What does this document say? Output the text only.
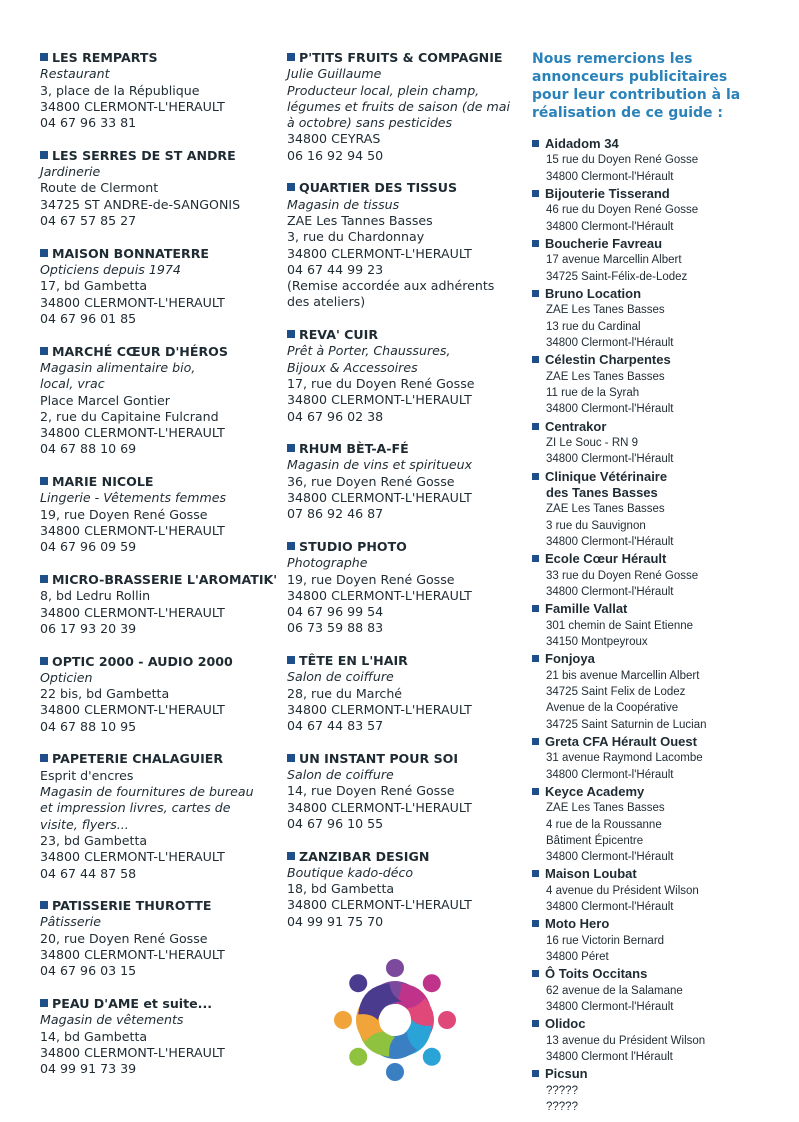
LES REMPARTS
Restaurant
3, place de la République
34800 CLERMONT-L'HERAULT
04 67 96 33 81
LES SERRES DE ST ANDRE
Jardinerie
Route de Clermont
34725 ST ANDRE-de-SANGONIS
04 67 57 85 27
MAISON BONNATERRE
Opticiens depuis 1974
17, bd Gambetta
34800 CLERMONT-L'HERAULT
04 67 96 01 85
MARCHÉ CŒUR D'HÉROS
Magasin alimentaire bio,
local, vrac
Place Marcel Gontier
2, rue du Capitaine Fulcrand
34800 CLERMONT-L'HERAULT
04 67 88 10 69
MARIE NICOLE
Lingerie - Vêtements femmes
19, rue Doyen René Gosse
34800 CLERMONT-L'HERAULT
04 67 96 09 59
MICRO-BRASSERIE L'AROMATIK'
8, bd Ledru Rollin
34800 CLERMONT-L'HERAULT
06 17 93 20 39
OPTIC 2000 - AUDIO 2000
Opticien
22 bis, bd Gambetta
34800 CLERMONT-L'HERAULT
04 67 88 10 95
PAPETERIE CHALAGUIER
Esprit d'encres
Magasin de fournitures de bureau
et impression livres, cartes de
visite, flyers...
23, bd Gambetta
34800 CLERMONT-L'HERAULT
04 67 44 87 58
PATISSERIE THUROTTE
Pâtisserie
20, rue Doyen René Gosse
34800 CLERMONT-L'HERAULT
04 67 96 03 15
PEAU D'AME et suite...
Magasin de vêtements
14, bd Gambetta
34800 CLERMONT-L'HERAULT
04 99 91 73 39
P'TITS FRUITS & COMPAGNIE
Julie Guillaume
Producteur local, plein champ,
légumes et fruits de saison (de mai
à octobre) sans pesticides
34800 CEYRAS
06 16 92 94 50
QUARTIER DES TISSUS
Magasin de tissus
ZAE Les Tannes Basses
3, rue du Chardonnay
34800 CLERMONT-L'HERAULT
04 67 44 99 23
(Remise accordée aux adhérents
des ateliers)
REVA' CUIR
Prêt à Porter, Chaussures,
Bijoux & Accessoires
17, rue du Doyen René Gosse
34800 CLERMONT-L'HERAULT
04 67 96 02 38
RHUM BÈT-A-FÉ
Magasin de vins et spiritueux
36, rue Doyen René Gosse
34800 CLERMONT-L'HERAULT
07 86 92 46 87
STUDIO PHOTO
Photographe
19, rue Doyen René Gosse
34800 CLERMONT-L'HERAULT
04 67 96 99 54
06 73 59 88 83
TÊTE EN L'HAIR
Salon de coiffure
28, rue du Marché
34800 CLERMONT-L'HERAULT
04 67 44 83 57
UN INSTANT POUR SOI
Salon de coiffure
14, rue Doyen René Gosse
34800 CLERMONT-L'HERAULT
04 67 96 10 55
ZANZIBAR DESIGN
Boutique kado-déco
18, bd Gambetta
34800 CLERMONT-L'HERAULT
04 99 91 75 70
Nous remercions les
annonceurs publicitaires
pour leur contribution à la
réalisation de ce guide :
Aidadom 34
15 rue du Doyen René Gosse
34800 Clermont-l'Hérault
Bijouterie Tisserand
46 rue du Doyen René Gosse
34800 Clermont-l'Hérault
Boucherie Favreau
17 avenue Marcellin Albert
34725 Saint-Félix-de-Lodez
Bruno Location
ZAE Les Tanes Basses
13 rue du Cardinal
34800 Clermont-l'Hérault
Célestin Charpentes
ZAE Les Tanes Basses
11 rue de la Syrah
34800 Clermont-l'Hérault
Centrakor
ZI Le Souc - RN 9
34800 Clermont-l'Hérault
Clinique Vétérinaire
des Tanes Basses
ZAE Les Tanes Basses
3 rue du Sauvignon
34800 Clermont-l'Hérault
Ecole Cœur Hérault
33 rue du Doyen René Gosse
34800 Clermont-l'Hérault
Famille Vallat
301 chemin de Saint Etienne
34150 Montpeyroux
Fonjoya
21 bis avenue Marcellin Albert
34725 Saint Felix de Lodez
Avenue de la Coopérative
34725 Saint Saturnin de Lucian
Greta CFA Hérault Ouest
31 avenue Raymond Lacombe
34800 Clermont-l'Hérault
Keyce Academy
ZAE Les Tanes Basses
4 rue de la Roussanne
Bâtiment Épicentre
34800 Clermont-l'Hérault
Maison Loubat
4 avenue du Président Wilson
34800 Clermont-l'Hérault
Moto Hero
16 rue Victorin Bernard
34800 Péret
Ô Toits Occitans
62 avenue de la Salamane
34800 Clermont-l'Hérault
Olidoc
13 avenue du Président Wilson
34800 Clermont l'Hérault
Picsun
?????
?????
